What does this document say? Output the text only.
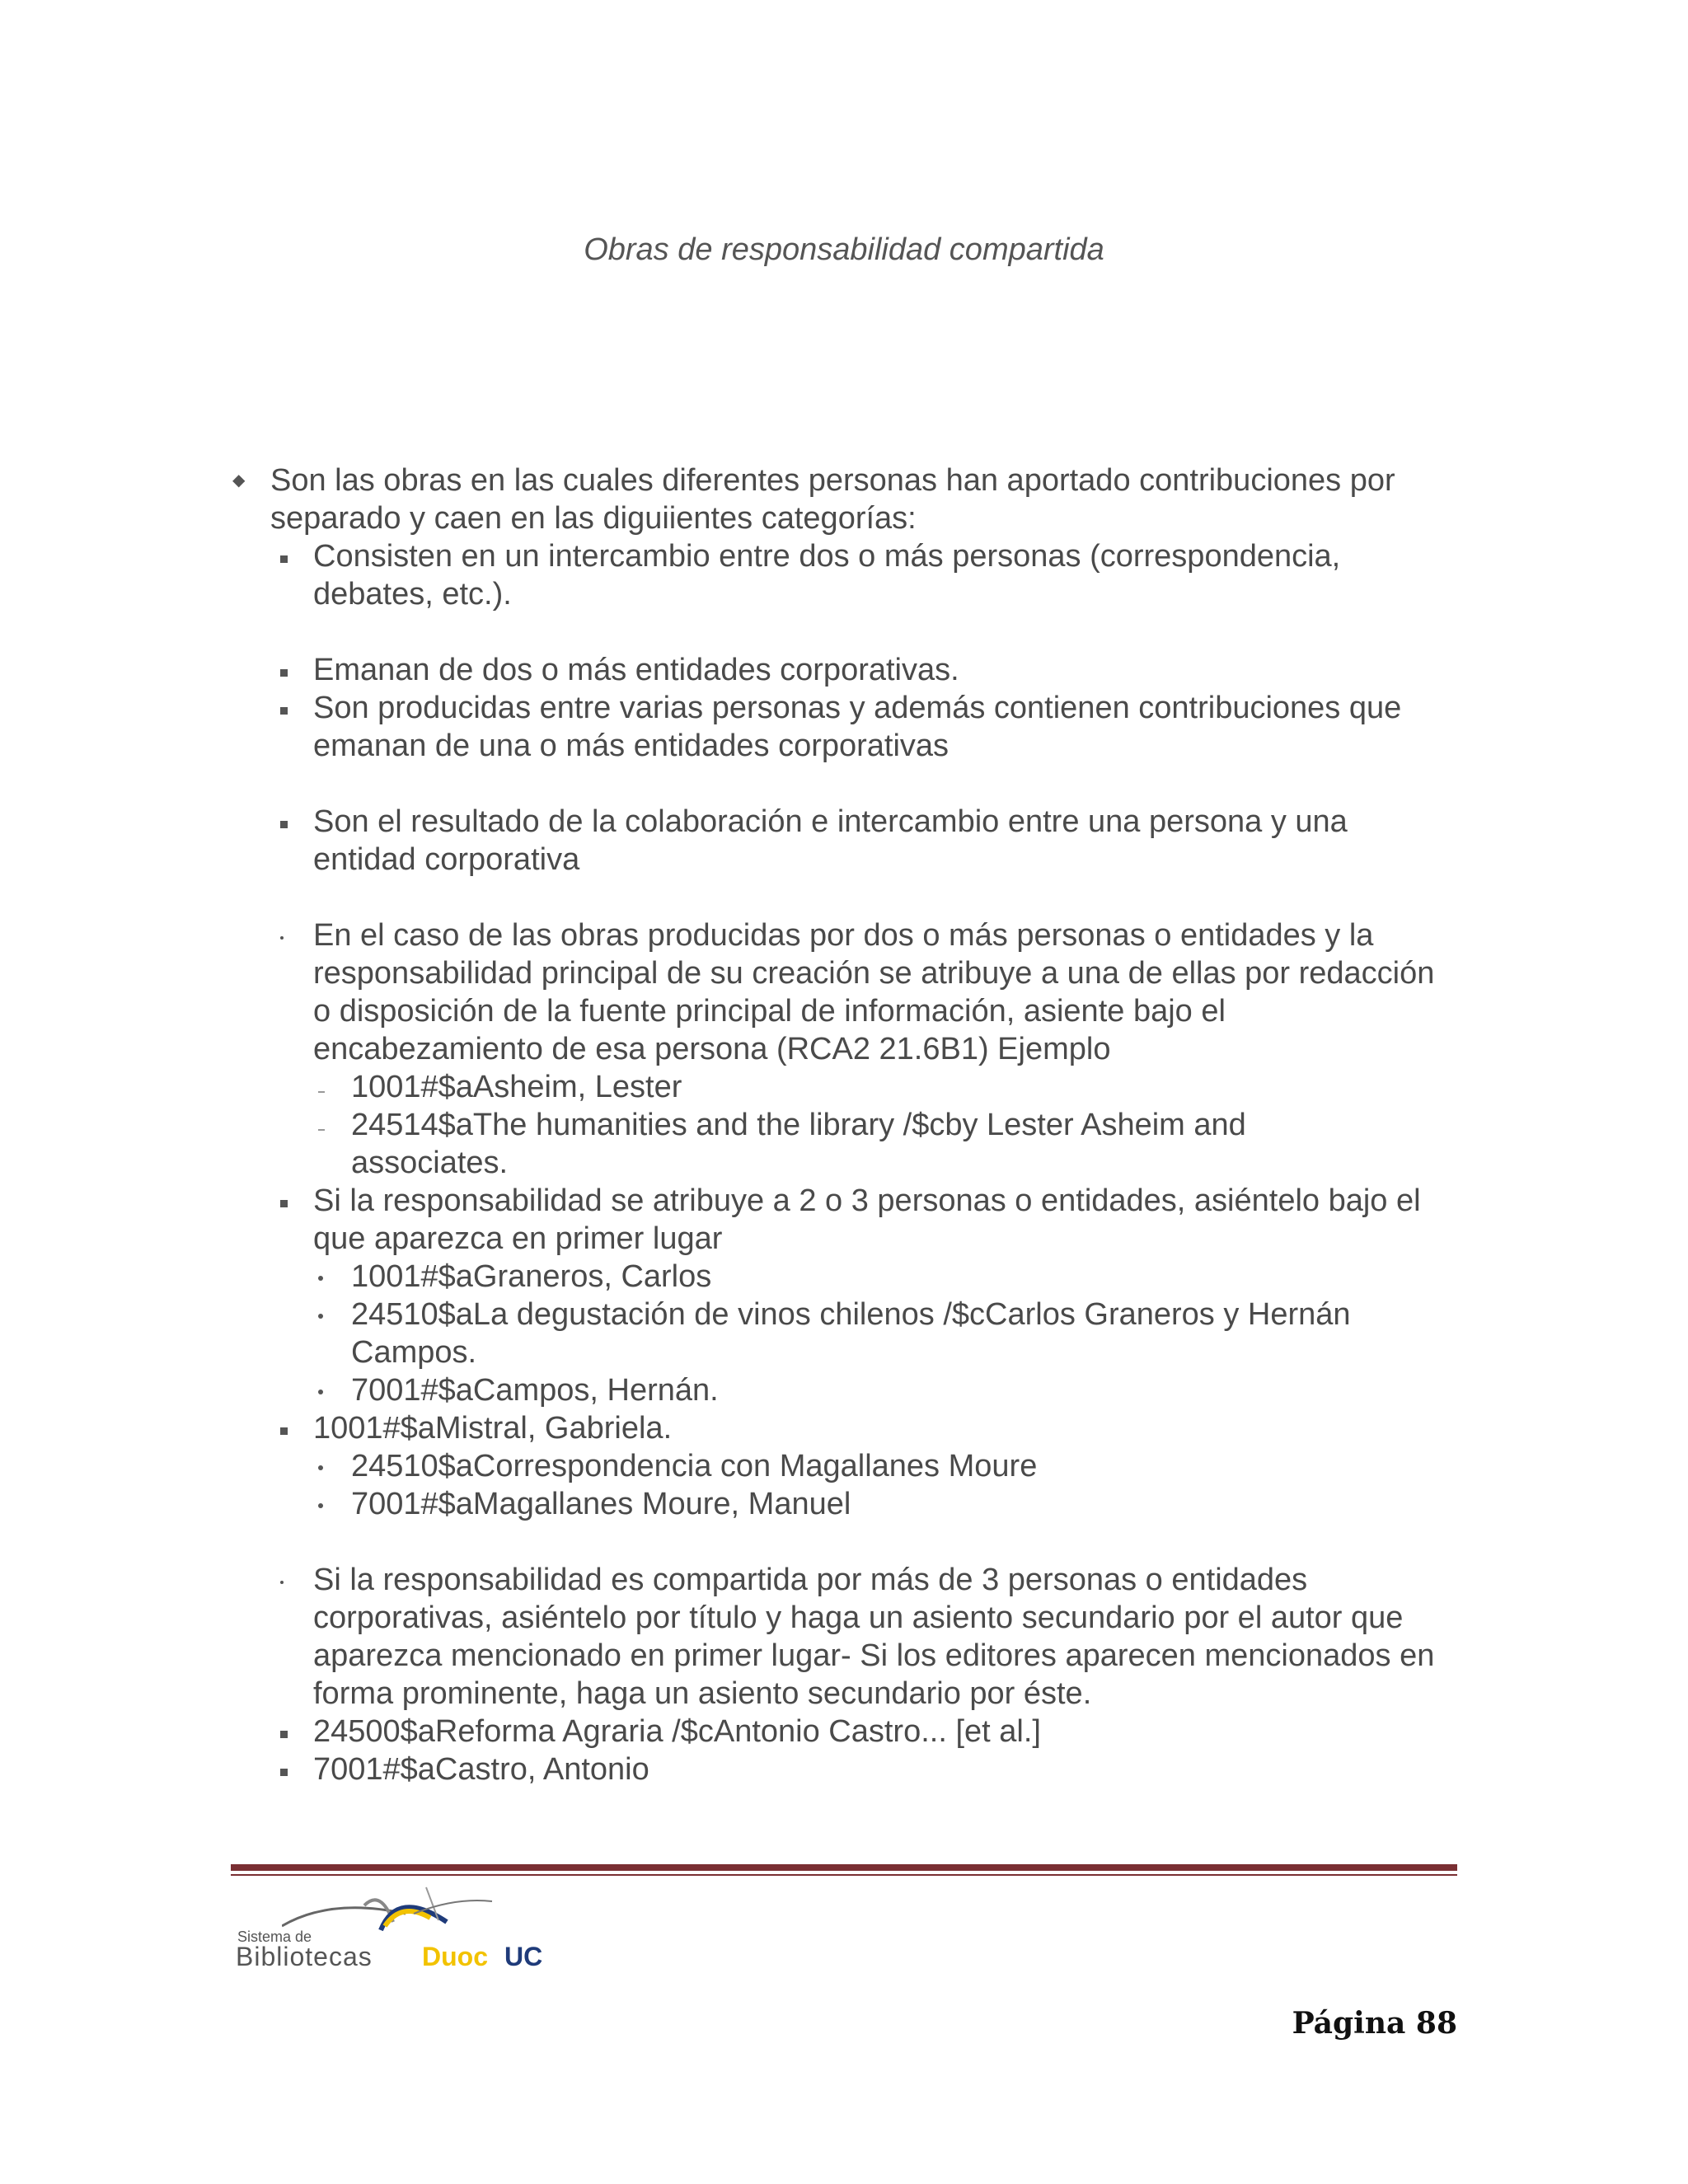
Obras de responsabilidad compartida
◆ Son las obras en las cuales diferentes personas han aportado contribuciones por separado y caen en las diguiientes categorías:
Consisten en un intercambio entre dos o más personas (correspondencia, debates, etc.).
Emanan de dos o más entidades corporativas.
Son producidas entre varias personas y además contienen contribuciones que emanan de una o más entidades corporativas
Son el resultado de la colaboración e intercambio entre una persona y una entidad corporativa
En el caso de las obras producidas por dos o más personas o entidades y la responsabilidad principal de su creación se atribuye a una de ellas por redacción o disposición de la fuente principal de información, asiente bajo el encabezamiento de esa persona (RCA2 21.6B1) Ejemplo
1001#$aAsheim, Lester
24514$aThe humanities and the library /$cby Lester Asheim and associates.
Si la responsabilidad se atribuye a 2 o 3 personas o entidades, asiéntelo bajo el que aparezca en primer lugar
1001#$aGraneros, Carlos
24510$aLa degustación de vinos chilenos /$cCarlos Graneros y Hernán Campos.
7001#$aCampos, Hernán.
1001#$aMistral, Gabriela.
24510$aCorrespondencia con Magallanes Moure
7001#$aMagallanes Moure, Manuel
Si la responsabilidad es compartida por más de 3 personas o entidades corporativas, asiéntelo por título y haga un asiento secundario por el autor que aparezca mencionado en primer lugar- Si los editores aparecen mencionados en forma prominente, haga un asiento secundario por éste.
24500$aReforma Agraria /$cAntonio Castro... [et al.]
7001#$aCastro, Antonio
Sistema de
Bibliotecas Duoc UC
Página 88
